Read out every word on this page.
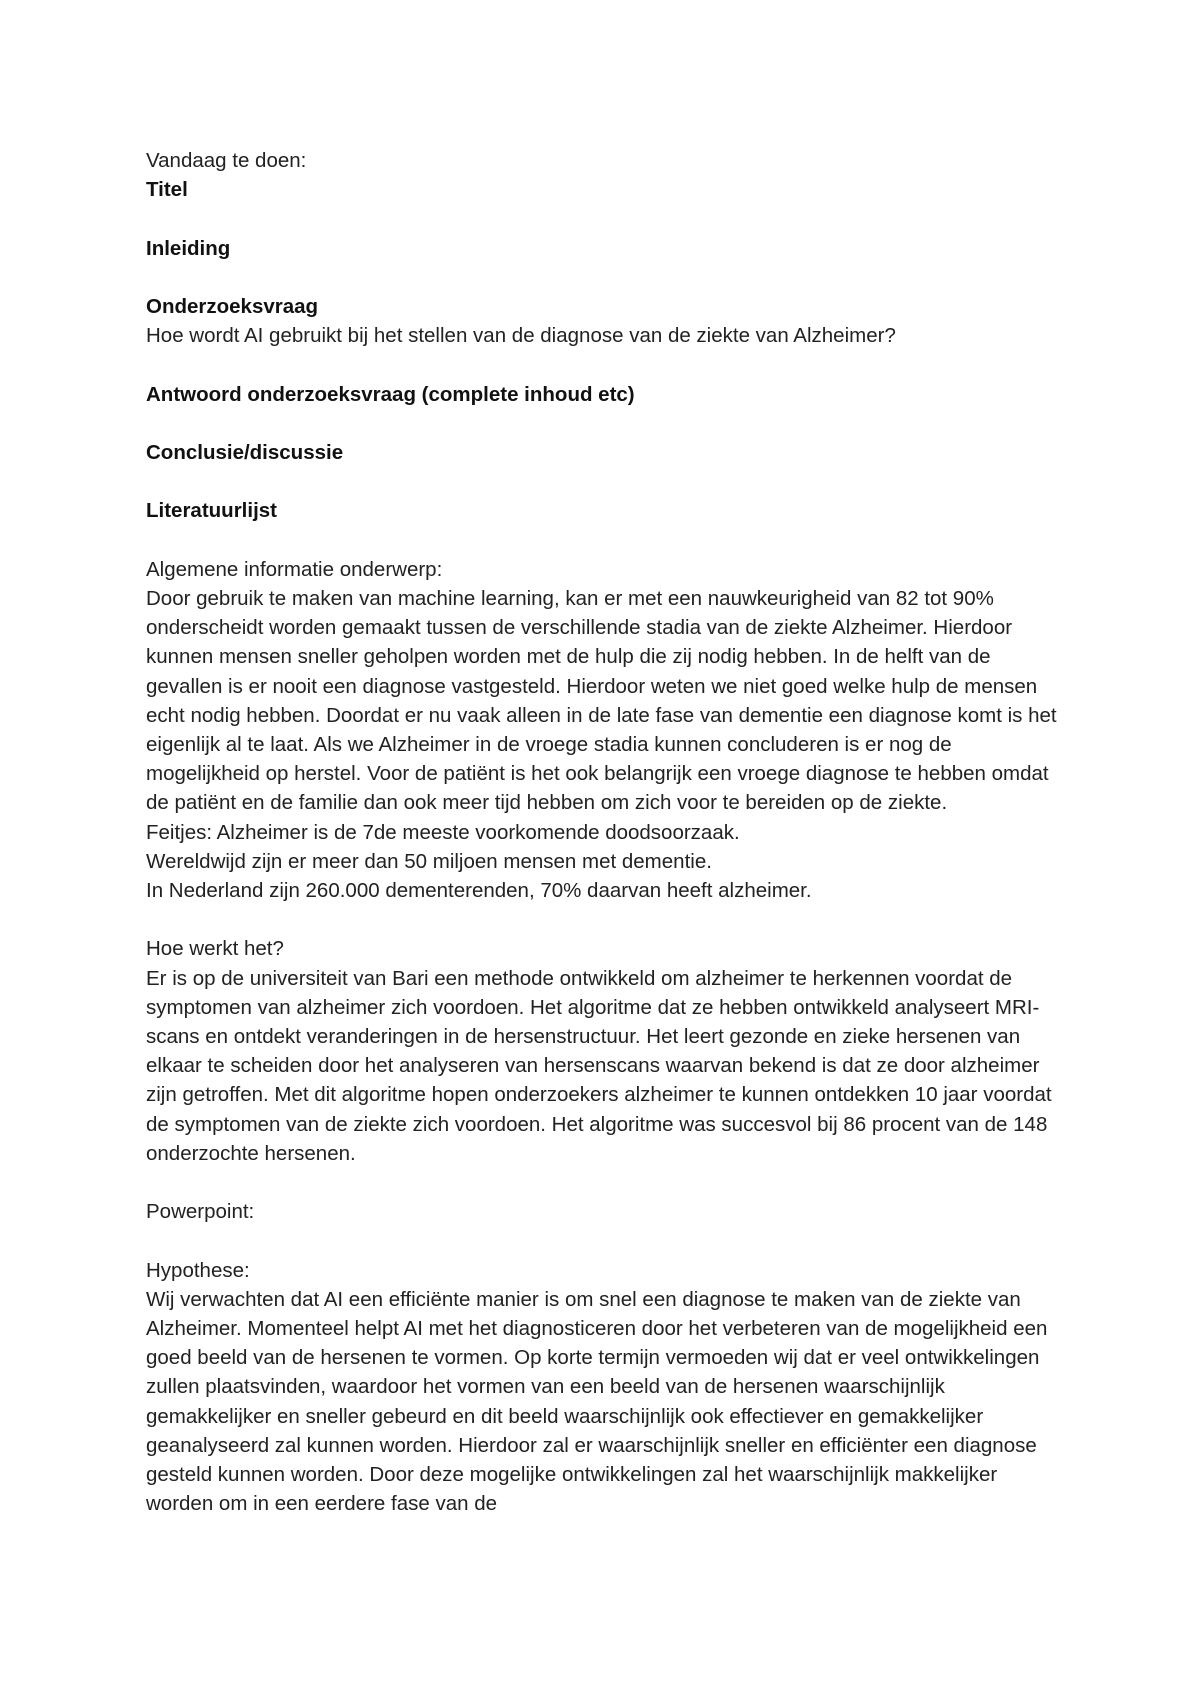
Vandaag te doen:

Titel

Inleiding

Onderzoeksvraag

Hoe wordt AI gebruikt bij het stellen van de diagnose van de ziekte van Alzheimer?

Antwoord onderzoeksvraag (complete inhoud etc)

Conclusie/discussie

Literatuurlijst

Algemene informatie onderwerp:

Door gebruik te maken van machine learning, kan er met een nauwkeurigheid van 82 tot 90% onderscheidt worden gemaakt tussen de verschillende stadia van de ziekte Alzheimer. Hierdoor kunnen mensen sneller geholpen worden met de hulp die zij nodig hebben. In de helft van de gevallen is er nooit een diagnose vastgesteld. Hierdoor weten we niet goed welke hulp de mensen echt nodig hebben. Doordat er nu vaak alleen in de late fase van dementie een diagnose komt is het eigenlijk al te laat. Als we Alzheimer in de vroege stadia kunnen concluderen is er nog de mogelijkheid op herstel. Voor de patiënt is het ook belangrijk een vroege diagnose te hebben omdat de patiënt en de familie dan ook meer tijd hebben om zich voor te bereiden op de ziekte.

Feitjes: Alzheimer is de 7de meeste voorkomende doodsoorzaak.

Wereldwijd zijn er meer dan 50 miljoen mensen met dementie.

In Nederland zijn 260.000 dementerenden, 70% daarvan heeft alzheimer.

Hoe werkt het?

Er is op de universiteit van Bari een methode ontwikkeld om alzheimer te herkennen voordat de symptomen van alzheimer zich voordoen. Het algoritme dat ze hebben ontwikkeld analyseert MRI-scans en ontdekt veranderingen in de hersenstructuur. Het leert gezonde en zieke hersenen van elkaar te scheiden door het analyseren van hersenscans waarvan bekend is dat ze door alzheimer zijn getroffen. Met dit algoritme hopen onderzoekers alzheimer te kunnen ontdekken 10 jaar voordat de symptomen van de ziekte zich voordoen. Het algoritme was succesvol bij 86 procent van de 148 onderzochte hersenen.

Powerpoint:

Hypothese:

Wij verwachten dat AI een efficiënte manier is om snel een diagnose te maken van de ziekte van Alzheimer. Momenteel helpt AI met het diagnosticeren door het verbeteren van de mogelijkheid een goed beeld van de hersenen te vormen. Op korte termijn vermoeden wij dat er veel ontwikkelingen zullen plaatsvinden, waardoor het vormen van een beeld van de hersenen waarschijnlijk gemakkelijker en sneller gebeurd en dit beeld waarschijnlijk ook effectiever en gemakkelijker geanalyseerd zal kunnen worden. Hierdoor zal er waarschijnlijk sneller en efficiënter een diagnose gesteld kunnen worden. Door deze mogelijke ontwikkelingen zal het waarschijnlijk makkelijker worden om in een eerdere fase van de
